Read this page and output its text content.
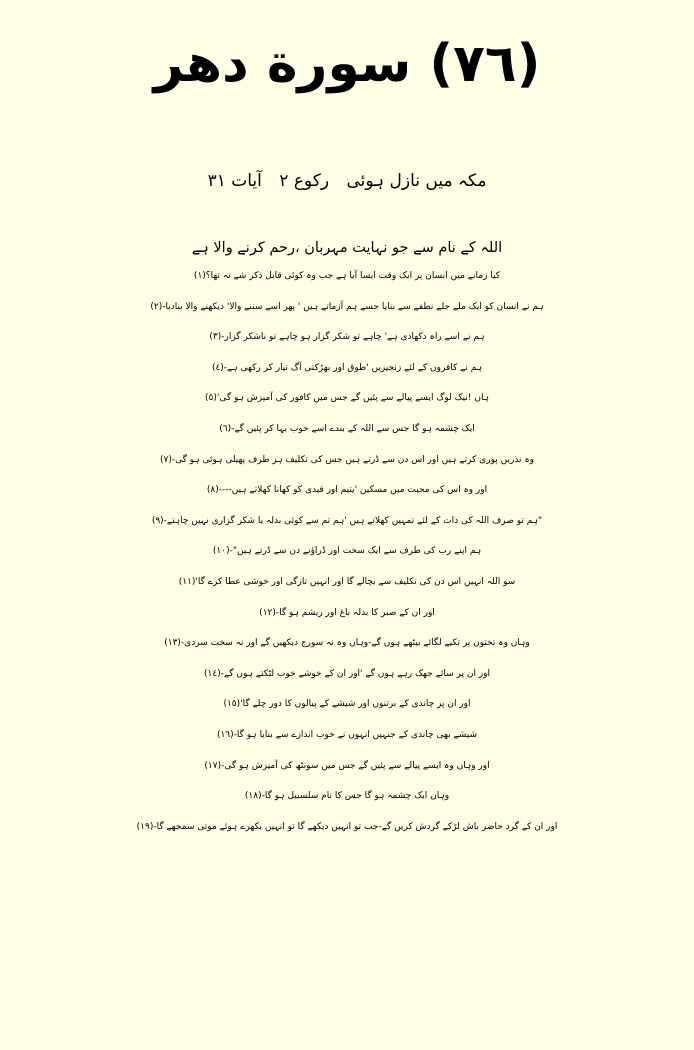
(٧٦) سورة دھر
مکہ میں نازل ہوئی رکوع ٢ آیات ٣١
اللہ کے نام سے جو نہایت مہربان ،رحم کرنے والا ہے
کیا زمانے میں انسان پر ایک وقت ایسا آیا ہے جب وہ کوئی قابل ذکر شے نہ تھا؟(١)
ہم نے انسان کو ایک ملے جلے نطفے سے بنایا جسے ہم آزماتے ہیں ' پھر اسے سننے والا' دیکھنے والا بنادیا-(٢)
ہم نے اسے راہ دکھادی ہے' چاہے تو شکر گزار ہو چاہے تو ناشکر گزار-(٣)
ہم نے کافروں کے لئے زنجیریں 'طوق اور بھڑکتی آگ تیار کر رکھی ہے-(٤)
ہاں !نیک لوگ ایسے پیالے سے پئیں گے جس میں کافور کی آمیزش ہو گی'(٥)
ایک چشمہ ہو گا جس سے اللہ کے بندے اسے خوب بہا کر پئیں گے-(٦)
وہ نذریں پوری کرتے ہیں اور اس دن سے ڈرتے ہیں جس کی تکلیف ہر طرف پھیلی ہوئی ہو گی-(٧)
اور وہ اس کی محبت میں مسکین 'یتیم اور قیدی کو کھانا کھلاتے ہیں----(٨)
"ہم تو صرف اللہ کی ذات کے لئے تمہیں کھلاتے ہیں 'ہم تم سے کوئی بدلہ یا شکر گزاری نہیں چاہتے-(٩)
ہم اپنے رب کی طرف سے ایک سخت اور ڈراؤنے دن سے ڈرتے ہیں"-(١٠)
سو اللہ انہیں اس دن کی تکلیف سے بچالے گا اور انہیں تازگی اور خوشی عطا کرے گا'(١١)
اور ان کے صبر کا بدلہ باغ اور ریشم ہو گا-(١٢)
وہاں وہ تختوں پر تکیے لگائے بیٹھے ہوں گے-وہاں وہ نہ سورج دیکھیں گے اور نہ سخت سردی-(١٣)
اور ان پر سائے جھک رہے ہوں گے 'اور ان کے خوشے خوب لٹکتے ہوں گے-(١٤)
اور ان پر چاندی کے برتنوں اور شیشے کے پیالوں کا دور چلے گا'(١٥)
شیشے بھی چاندی کے جنہیں انہوں نے خوب اندازے سے بنایا ہو گا-(١٦)
اور وہاں وہ ایسے پیالے سے پئیں گے جس میں سونٹھ کی آمیزش ہو گی-(١٧)
وہاں ایک چشمہ ہو گا جس کا نام سلسبیل ہو گا-(١٨)
اور ان کے گرد حاضر باش لڑکے گردش کریں گے-جب تو انہیں دیکھے گا تو انہیں بکھرے ہوئے موتی سمجھے گا-(١٩)
